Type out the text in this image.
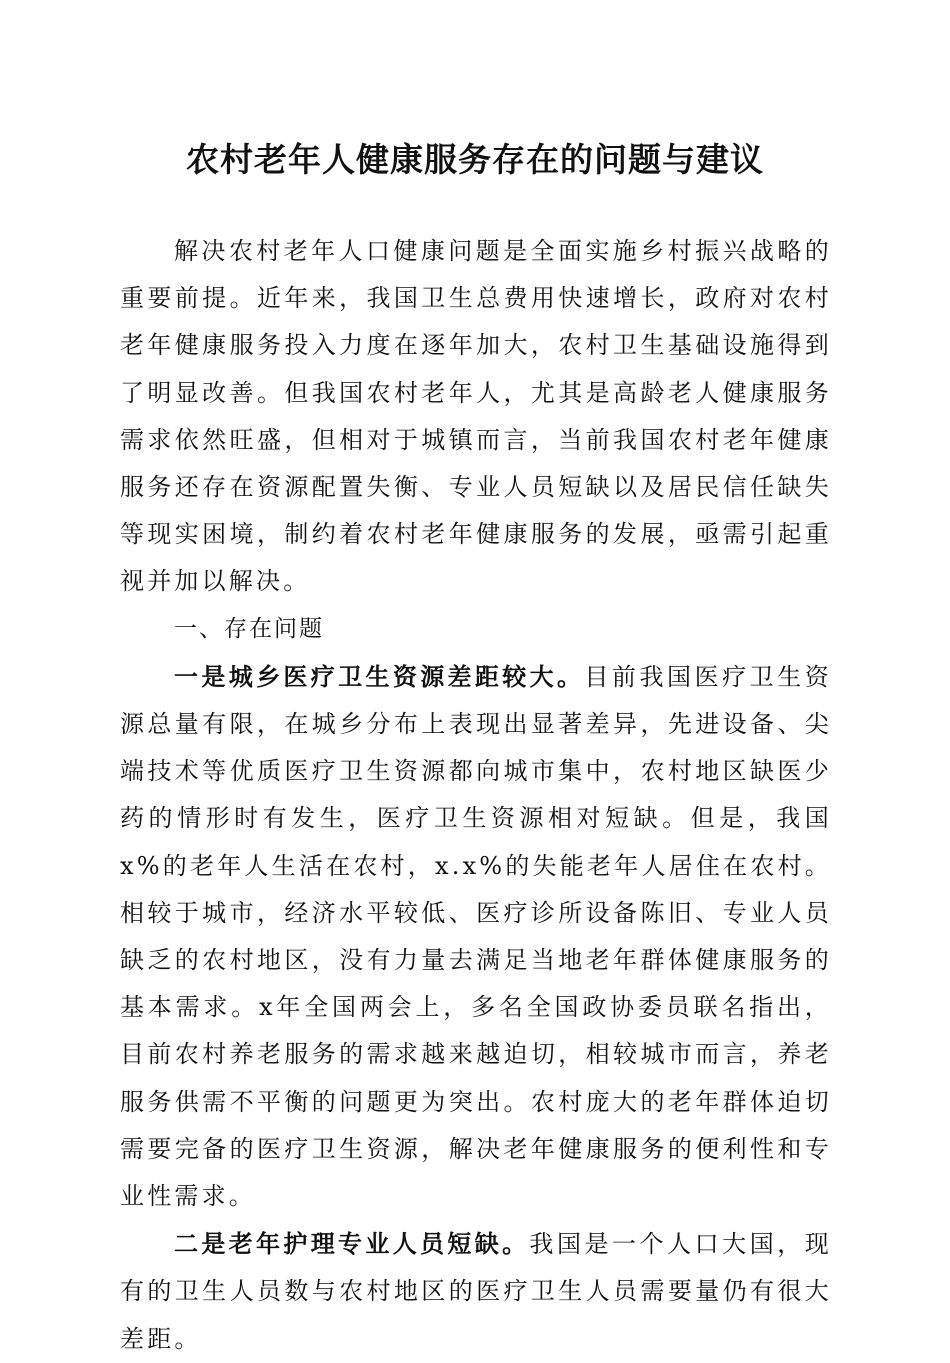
农村老年人健康服务存在的问题与建议

解决农村老年人口健康问题是全面实施乡村振兴战略的重要前提。近年来，我国卫生总费用快速增长，政府对农村老年健康服务投入力度在逐年加大，农村卫生基础设施得到了明显改善。但我国农村老年人，尤其是高龄老人健康服务需求依然旺盛，但相对于城镇而言，当前我国农村老年健康服务还存在资源配置失衡、专业人员短缺以及居民信任缺失等现实困境，制约着农村老年健康服务的发展，亟需引起重视并加以解决。

一、存在问题

一是城乡医疗卫生资源差距较大。目前我国医疗卫生资源总量有限，在城乡分布上表现出显著差异，先进设备、尖端技术等优质医疗卫生资源都向城市集中，农村地区缺医少药的情形时有发生，医疗卫生资源相对短缺。但是，我国x%的老年人生活在农村，x.x%的失能老年人居住在农村。相较于城市，经济水平较低、医疗诊所设备陈旧、专业人员缺乏的农村地区，没有力量去满足当地老年群体健康服务的基本需求。x年全国两会上，多名全国政协委员联名指出，目前农村养老服务的需求越来越迫切，相较城市而言，养老服务供需不平衡的问题更为突出。农村庞大的老年群体迫切需要完备的医疗卫生资源，解决老年健康服务的便利性和专业性需求。

二是老年护理专业人员短缺。我国是一个人口大国，现有的卫生人员数与农村地区的医疗卫生人员需要量仍有很大差距。
